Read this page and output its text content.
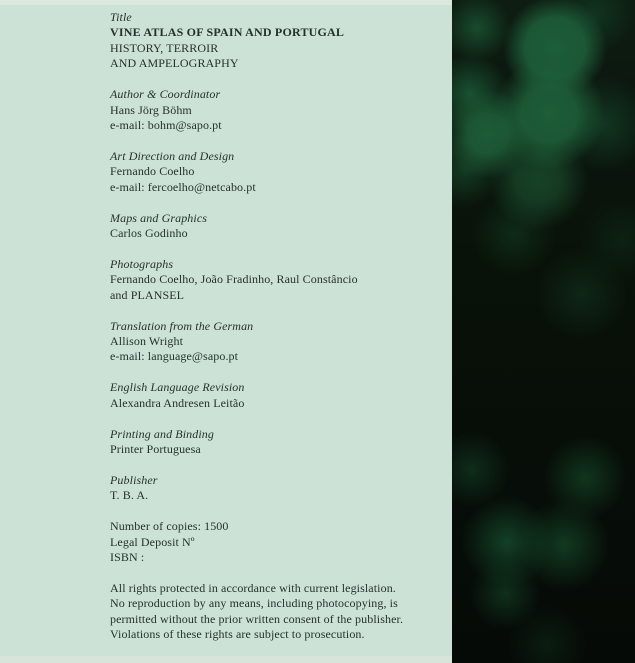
Title
VINE ATLAS OF SPAIN AND PORTUGAL
HISTORY, TERROIR
AND AMPELOGRAPHY
Author & Coordinator
Hans Jörg Böhm
e-mail: bohm@sapo.pt
Art Direction and Design
Fernando Coelho
e-mail: fercoelho@netcabo.pt
Maps and Graphics
Carlos Godinho
Photographs
Fernando Coelho, João Fradinho, Raul Constâncio
and PLANSEL
Translation from the German
Allison Wright
e-mail: language@sapo.pt
English Language Revision
Alexandra Andresen Leitão
Printing and Binding
Printer Portuguesa
Publisher
T. B. A.
Number of copies: 1500
Legal Deposit Nº
ISBN :
All rights protected in accordance with current legislation.
No reproduction by any means, including photocopying, is
permitted without the prior written consent of the publisher.
Violations of these rights are subject to prosecution.
